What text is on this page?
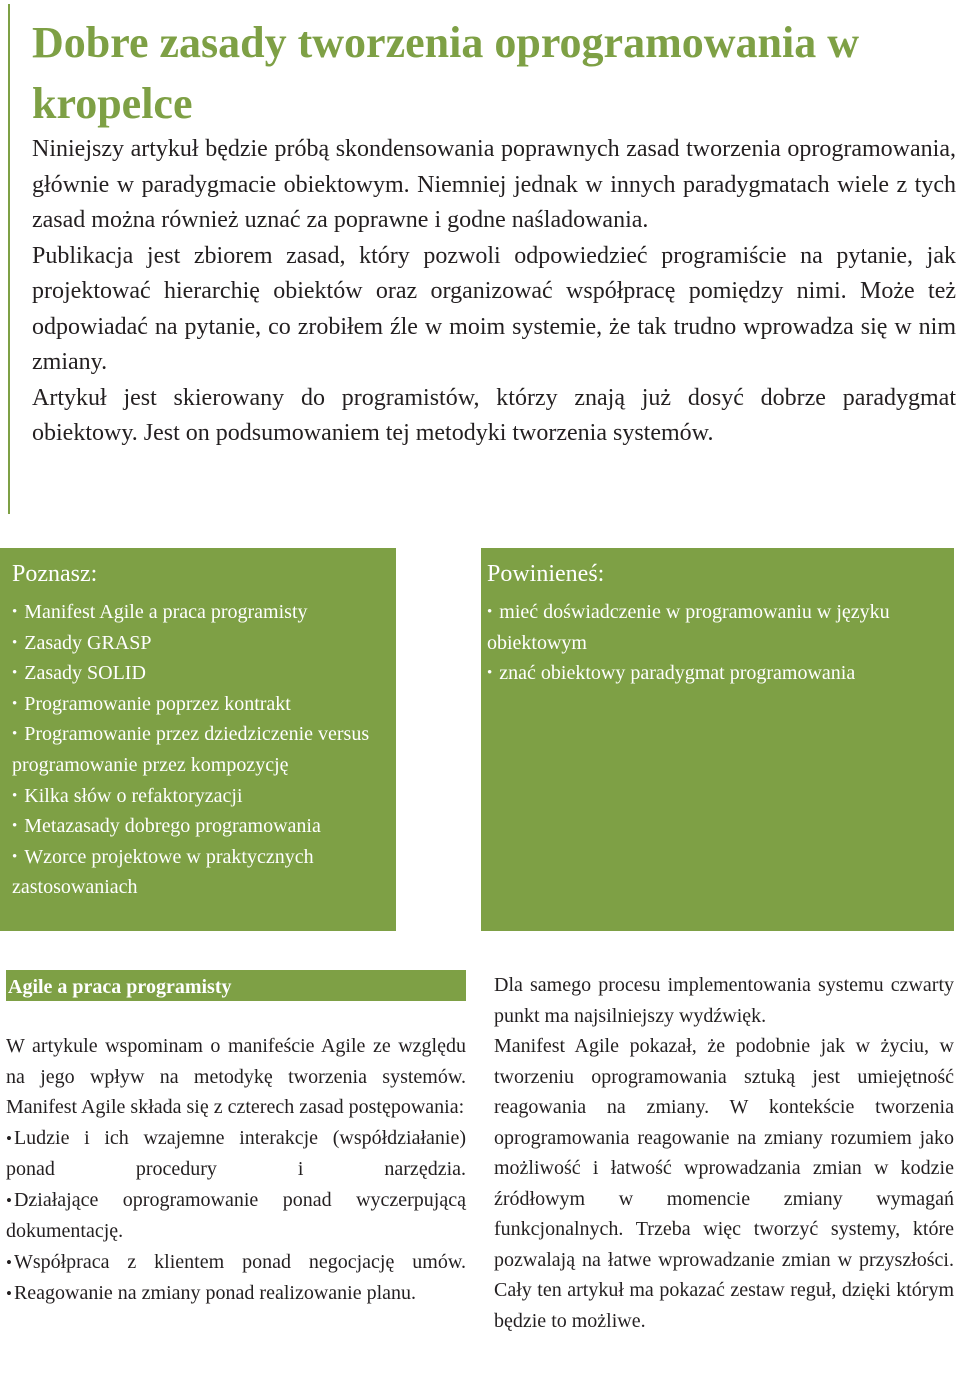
Dobre zasady tworzenia oprogramowania w kropelce

Niniejszy artykuł będzie próbą skondensowania poprawnych zasad tworzenia oprogramowania, głównie w paradygmacie obiektowym. Niemniej jednak w innych paradygmatach wiele z tych zasad można również uznać za poprawne i godne naśladowania.

Publikacja jest zbiorem zasad, który pozwoli odpowiedzieć programiście na pytanie, jak projektować hierarchię obiektów oraz organizować współpracę pomiędzy nimi. Może też odpowiadać na pytanie, co zrobiłem źle w moim systemie, że tak trudno wprowadza się w nim zmiany.

Artykuł jest skierowany do programistów, którzy znają już dosyć dobrze paradygmat obiektowy. Jest on podsumowaniem tej metodyki tworzenia systemów.

Poznasz:
• Manifest Agile a praca programisty
• Zasady GRASP
• Zasady SOLID
• Programowanie poprzez kontrakt
• Programowanie przez dziedziczenie versus programowanie przez kompozycję
• Kilka słów o refaktoryzacji
• Metazasady dobrego programowania
• Wzorce projektowe w praktycznych zastosowaniach
Powinieneś:
• mieć doświadczenie w programowaniu w języku obiektowym
• znać obiektowy paradygmat programowania
Agile a praca programisty

W artykule wspominam o manifeście Agile ze względu na jego wpływ na metodykę tworzenia systemów. Manifest Agile składa się z czterech zasad postępowania:

• Ludzie i ich wzajemne interakcje (współdziałanie) ponad procedury i narzędzia.

• Działające oprogramowanie ponad wyczerpującą dokumentację.

• Współpraca z klientem ponad negocjację umów.

• Reagowanie na zmiany ponad realizowanie planu.

Dla samego procesu implementowania systemu czwarty punkt ma najsilniejszy wydźwięk.

Manifest Agile pokazał, że podobnie jak w życiu, w tworzeniu oprogramowania sztuką jest umiejętność reagowania na zmiany. W kontekście tworzenia oprogramowania reagowanie na zmiany rozumiem jako możliwość i łatwość wprowadzania zmian w kodzie źródłowym w momencie zmiany wymagań funkcjonalnych. Trzeba więc tworzyć systemy, które pozwalają na łatwe wprowadzanie zmian w przyszłości. Cały ten artykuł ma pokazać zestaw reguł, dzięki którym będzie to możliwe.
